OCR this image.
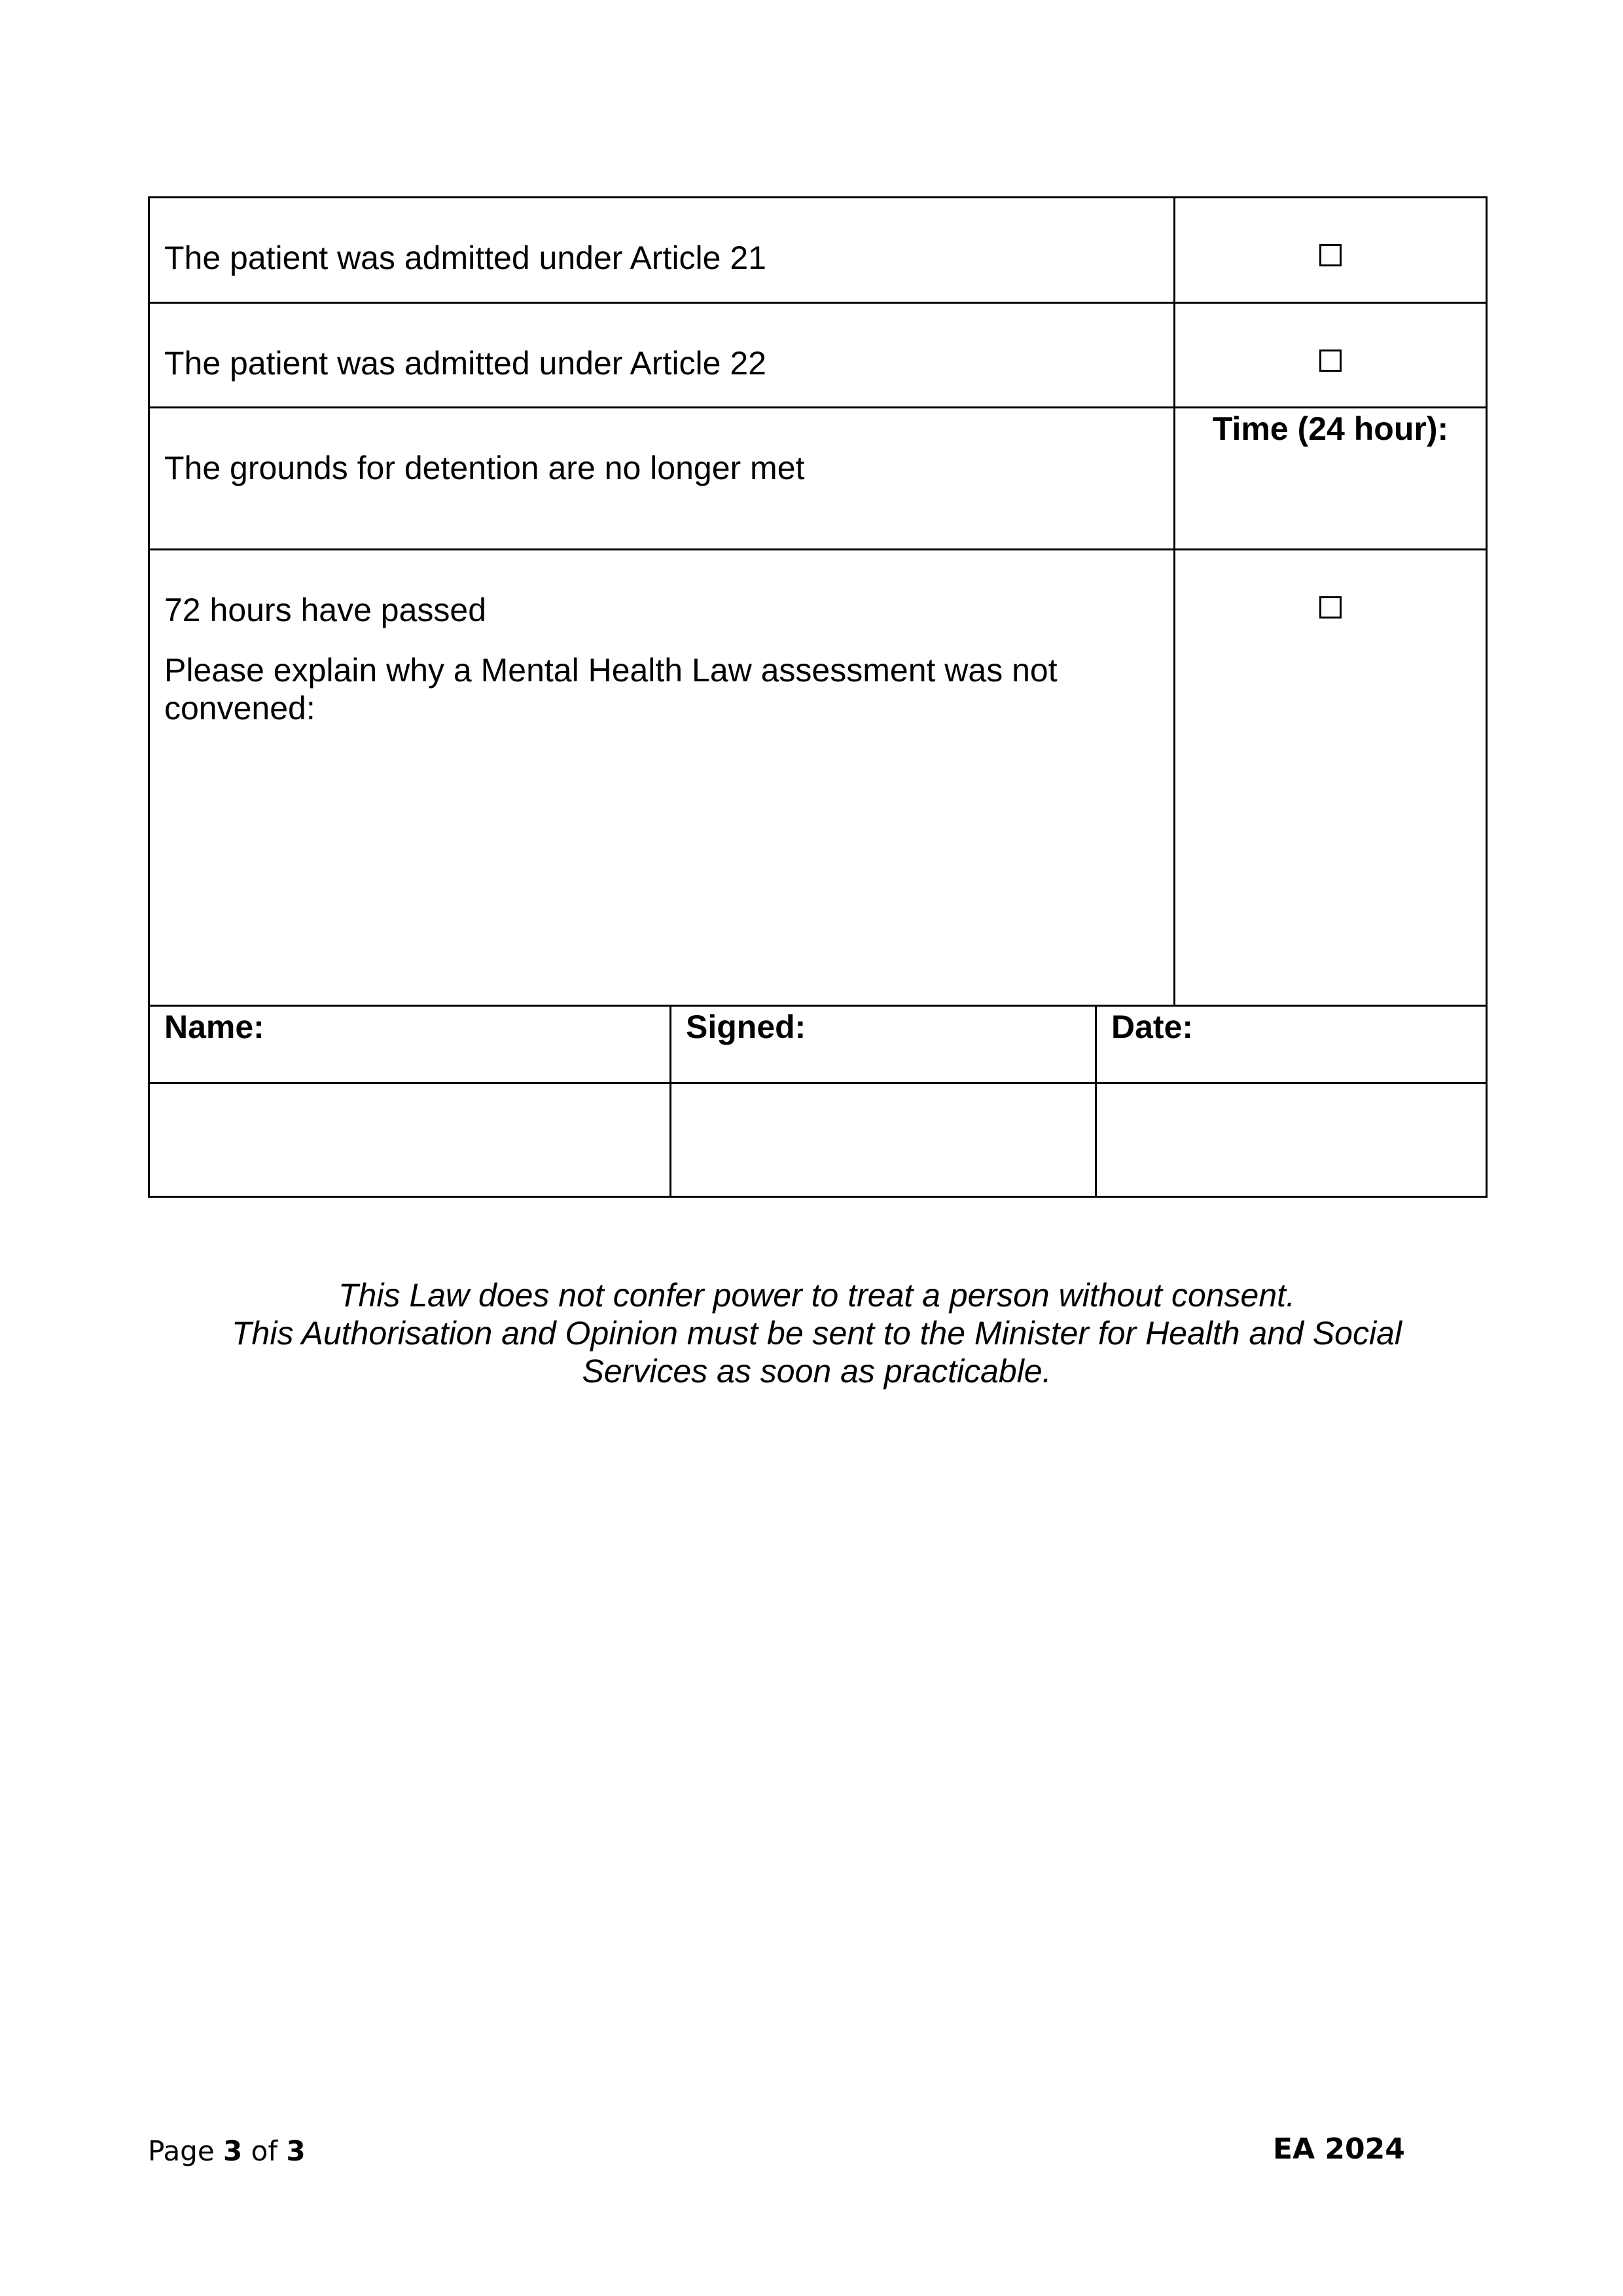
The patient was admitted under Article 21			

The patient was admitted under Article 22			

The grounds for detention are no longer met			Time (24 hour):

72 hours have passed
Please explain why a Mental Health Law assessment was not convened:			

Name:	Signed:	Date:	

This Law does not confer power to treat a person without consent.
This Authorisation and Opinion must be sent to the Minister for Health and Social Services as soon as practicable.
Page 3 of 3	EA 2024
